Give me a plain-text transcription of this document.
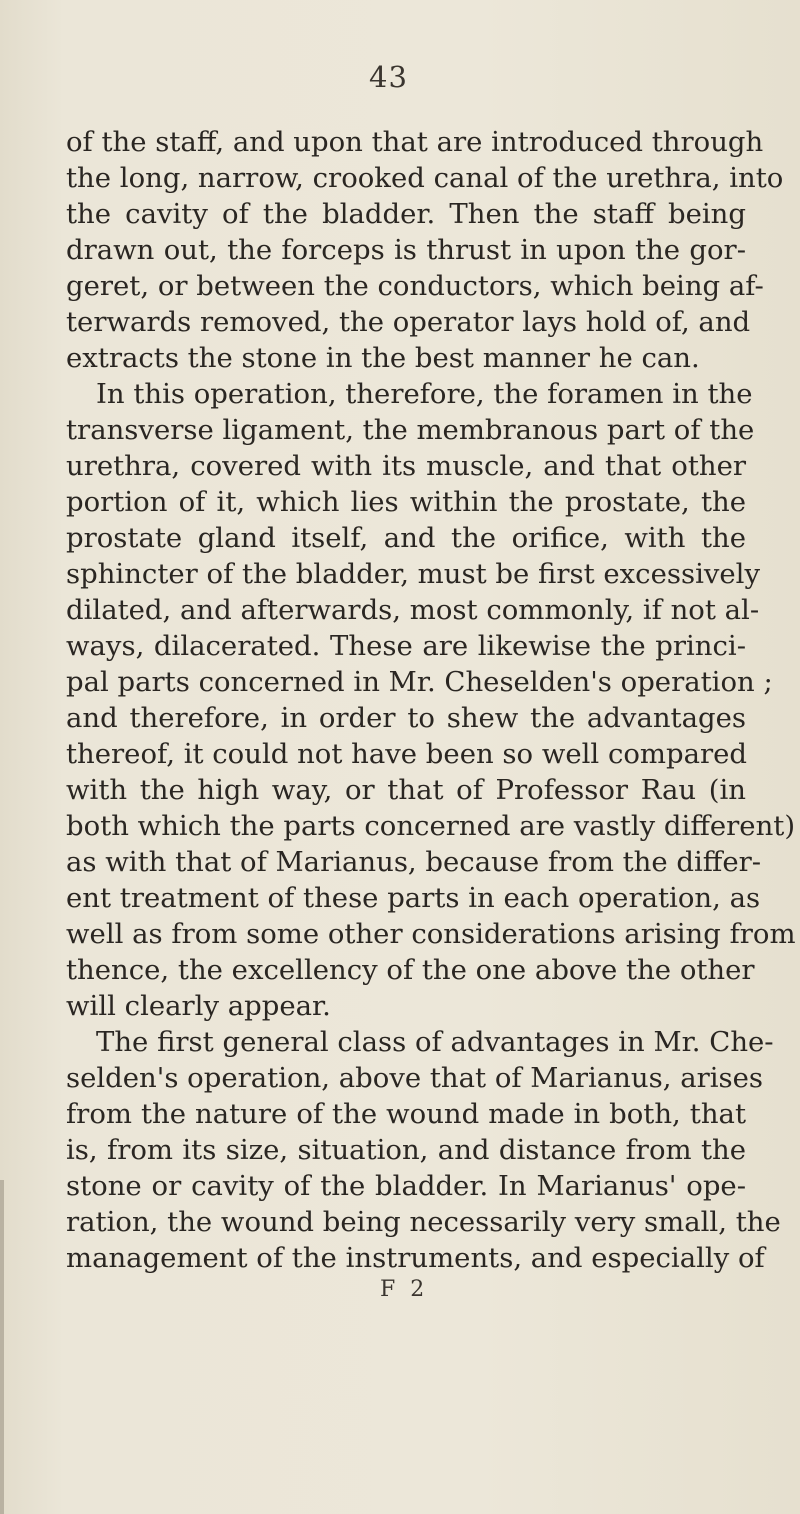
43
of the staff, and upon that are introduced through
the long, narrow, crooked canal of the urethra, into
the cavity of the bladder. Then the staff being
drawn out, the forceps is thrust in upon the gor-
geret, or between the conductors, which being af-
terwards removed, the operator lays hold of, and
extracts the stone in the best manner he can.
In this operation, therefore, the foramen in the
transverse ligament, the membranous part of the
urethra, covered with its muscle, and that other
portion of it, which lies within the prostate, the
prostate gland itself, and the orifice, with the
sphincter of the bladder, must be first excessively
dilated, and afterwards, most commonly, if not al-
ways, dilacerated. These are likewise the princi-
pal parts concerned in Mr. Cheselden's operation ;
and therefore, in order to shew the advantages
thereof, it could not have been so well compared
with the high way, or that of Professor Rau (in
both which the parts concerned are vastly different)
as with that of Marianus, because from the differ-
ent treatment of these parts in each operation, as
well as from some other considerations arising from
thence, the excellency of the one above the other
will clearly appear.
The first general class of advantages in Mr. Che-
selden's operation, above that of Marianus, arises
from the nature of the wound made in both, that
is, from its size, situation, and distance from the
stone or cavity of the bladder. In Marianus' ope-
ration, the wound being necessarily very small, the
management of the instruments, and especially of
F 2
